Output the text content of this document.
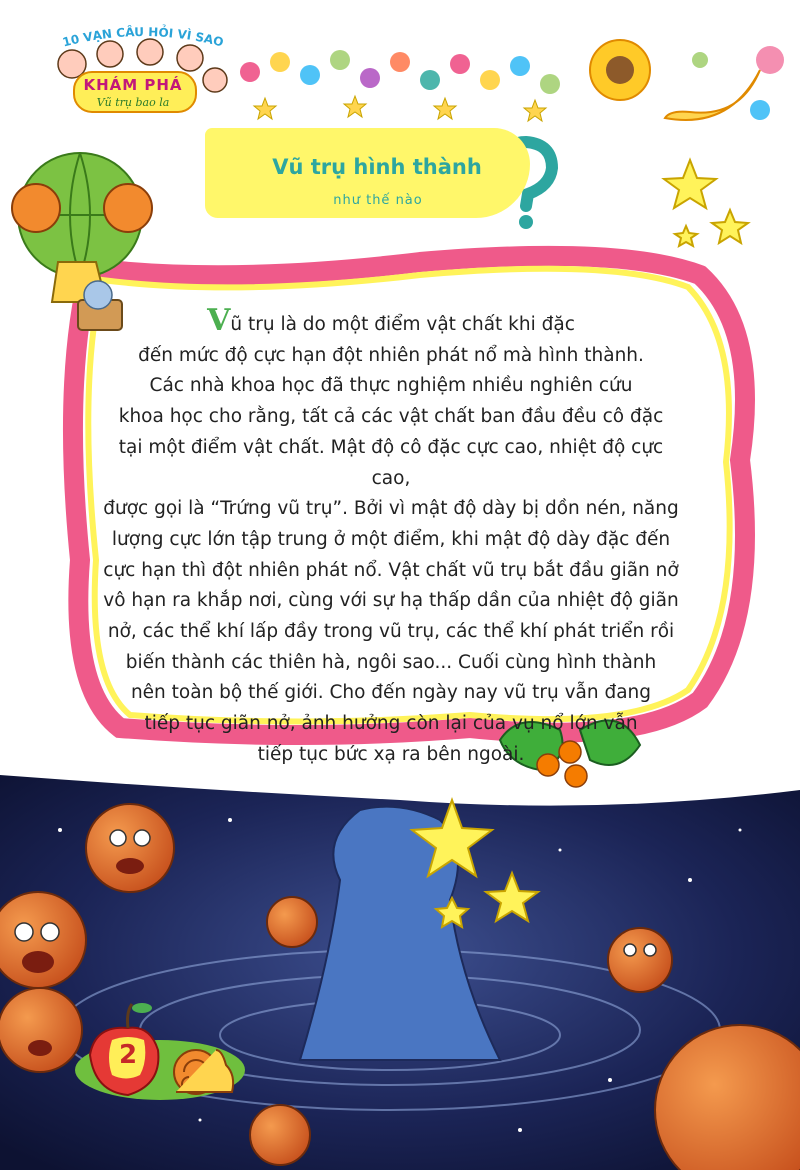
10 VẠN CÂU HỎI VÌ SAO
KHÁM PHÁ
Vũ trụ bao la
Vũ trụ hình thành
như thế nào

Vũ trụ là do một điểm vật chất khi đặc
đến mức độ cực hạn đột nhiên phát nổ mà hình thành.
Các nhà khoa học đã thực nghiệm nhiều nghiên cứu
khoa học cho rằng, tất cả các vật chất ban đầu đều cô đặc
tại một điểm vật chất. Mật độ cô đặc cực cao, nhiệt độ cực cao,
được gọi là “Trứng vũ trụ”. Bởi vì mật độ dày bị dồn nén, năng
lượng cực lớn tập trung ở một điểm, khi mật độ dày đặc đến
cực hạn thì đột nhiên phát nổ. Vật chất vũ trụ bắt đầu giãn nở
vô hạn ra khắp nơi, cùng với sự hạ thấp dần của nhiệt độ giãn
nở, các thể khí lấp đầy trong vũ trụ, các thể khí phát triển rồi
biến thành các thiên hà, ngôi sao... Cuối cùng hình thành
nên toàn bộ thế giới. Cho đến ngày nay vũ trụ vẫn đang
tiếp tục giãn nở, ảnh hưởng còn lại của vụ nổ lớn vẫn
tiếp tục bức xạ ra bên ngoài.

2
